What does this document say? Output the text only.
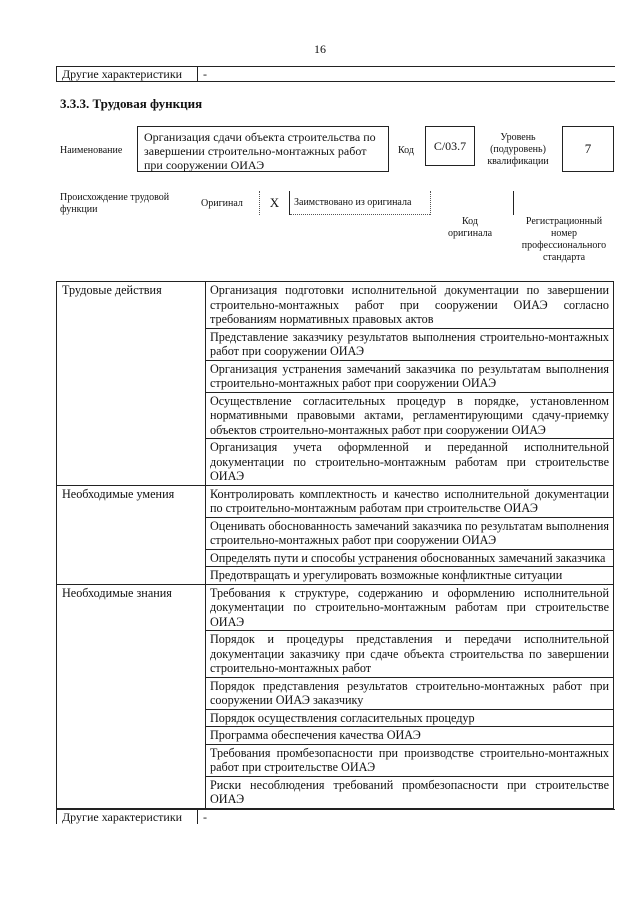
16
Другие характеристики	-
3.3.3. Трудовая функция
Наименование
Организация сдачи объекта строительства по завершении строительно-монтажных работ при сооружении ОИАЭ
Код	С/03.7
Уровень (подуровень) квалификации
7
Происхождение трудовой функции
Оригинал	X	Заимствовано из оригинала
Код оригинала
Регистрационный номер профессионального стандарта
Трудовые действия	Организация подготовки исполнительной документации по завершении строительно-монтажных работ при сооружении ОИАЭ согласно требованиям нормативных правовых актов
	Представление заказчику результатов выполнения строительно-монтажных работ при сооружении ОИАЭ
	Организация устранения замечаний заказчика по результатам выполнения строительно-монтажных работ при сооружении ОИАЭ
	Осуществление согласительных процедур в порядке, установленном нормативными правовыми актами, регламентирующими сдачу-приемку объектов строительно-монтажных работ при сооружении ОИАЭ
	Организация учета оформленной и переданной исполнительной документации по строительно-монтажным работам при строительстве ОИАЭ
Необходимые умения	Контролировать комплектность и качество исполнительной документации по строительно-монтажным работам при строительстве ОИАЭ
	Оценивать обоснованность замечаний заказчика по результатам выполнения строительно-монтажных работ при сооружении ОИАЭ
	Определять пути и способы устранения обоснованных замечаний заказчика
	Предотвращать и урегулировать возможные конфликтные ситуации
Необходимые знания	Требования к структуре, содержанию и оформлению исполнительной документации по строительно-монтажным работам при строительстве ОИАЭ
	Порядок и процедуры представления и передачи исполнительной документации заказчику при сдаче объекта строительства по завершении строительно-монтажных работ
	Порядок представления результатов строительно-монтажных работ при сооружении ОИАЭ заказчику
	Порядок осуществления согласительных процедур
	Программа обеспечения качества ОИАЭ
	Требования промбезопасности при производстве строительно-монтажных работ при строительстве ОИАЭ
	Риски несоблюдения требований промбезопасности при строительстве ОИАЭ
Другие характеристики	-
